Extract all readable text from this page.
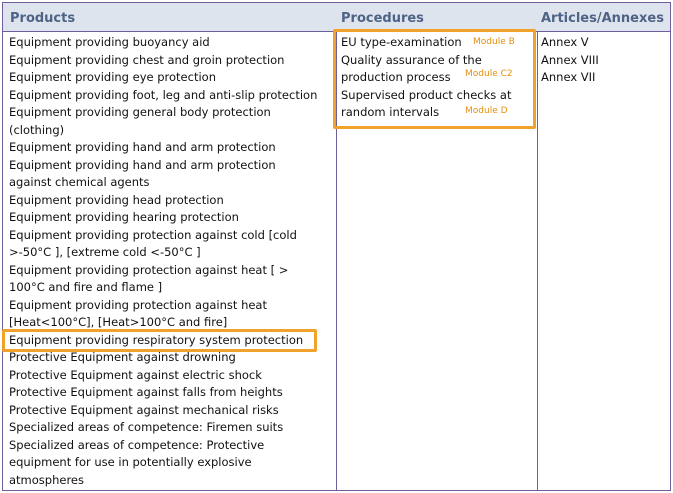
Products	Procedures	Articles/Annexes
Equipment providing buoyancy aid
Equipment providing chest and groin protection
Equipment providing eye protection
Equipment providing foot, leg and anti-slip protection
Equipment providing general body protection
(clothing)
Equipment providing hand and arm protection
Equipment providing hand and arm protection
against chemical agents
Equipment providing head protection
Equipment providing hearing protection
Equipment providing protection against cold [cold
>-50°C ], [extreme cold <-50°C ]
Equipment providing protection against heat [ >
100°C and fire and flame ]
Equipment providing protection against heat
[Heat<100°C], [Heat>100°C and fire]
Equipment providing respiratory system protection
Protective Equipment against drowning
Protective Equipment against electric shock
Protective Equipment against falls from heights
Protective Equipment against mechanical risks
Specialized areas of competence: Firemen suits
Specialized areas of competence: Protective
equipment for use in potentially explosive
atmospheres
EU type-examination
Quality assurance of the
production process
Supervised product checks at
random intervals
Annex V
Annex VIII
Annex VII
Module B
Module C2
Module D
